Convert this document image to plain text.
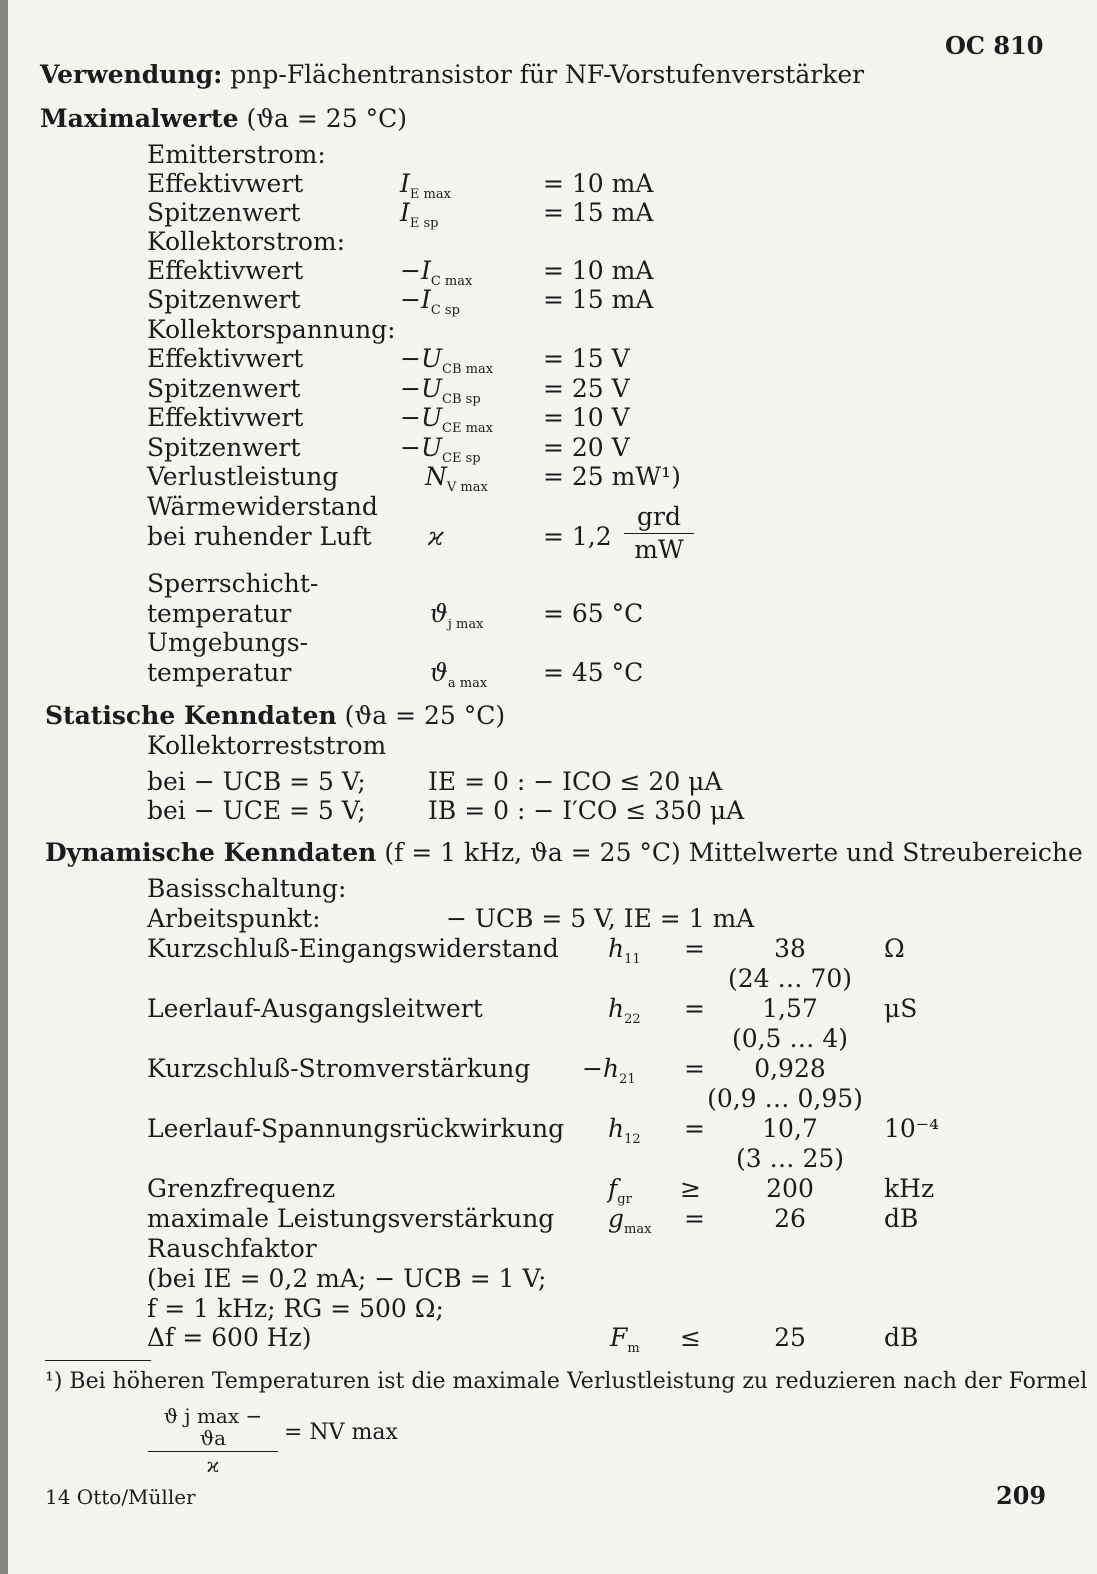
OC 810
Verwendung: pnp-Flächentransistor für NF-Vorstufenverstärker
Maximalwerte (ϑa = 25 °C)
Emitterstrom:
Kollektorstrom:
Kollektorspannung:
Effektivwert	$I_{E max}$	= 10 mA
Spitzenwert	$I_{E sp}$	= 15 mA
Effektivwert	$-I_{C max}$	= 10 mA
Spitzenwert	$-I_{C sp}$	= 15 mA
Effektivwert	$-U_{CB max} = 15$ V
Spitzenwert	$-U_{CB sp} = 25$ V
Effektivwert	$-U_{CE max} = 10$ V
Spitzenwert	$-U_{CE sp} = 20$ V
Verlustleistung	$N_{V max} = 25$ mW¹)
Wärmewiderstand
bei ruhender Luft ϰ	= 1,2
grd
mW
Sperrschicht-
temperatur	$ϑ_{j max} = 65$ °C
Umgebungs-
temperatur	$ϑ_{a max} = 45$ °C
Statische Kenndaten (ϑa = 25 °C)
Kollektorreststrom
bei − UCB = 5 V; IE = 0 : − ICO ≤ 20 μA
bei − UCE = 5 V; IB = 0 : − I′CO ≤ 350 μA
Dynamische Kenndaten (f = 1 kHz, ϑa = 25 °C) Mittelwerte und Streubereiche
Basisschaltung:
Arbeitspunkt:	− UCB = 5 V, IE = 1 mA
Kurzschluß-Eingangswiderstand $h_{11}$ =	38	Ω
(24 … 70)
Leerlauf-Ausgangsleitwert	$h_{22}$ =	1,57	μS
(0,5 … 4)
Kurzschluß-Stromverstärkung $-h_{21}$ =	0,928
(0,9 … 0,95)
Leerlauf-Spannungsrückwirkung $h_{12}$ =	10,7	10⁻⁴
(3 … 25)
Grenzfrequenz	$f_{gr}$ ≥	200	kHz
maximale Leistungsverstärkung $g_{max}$ =	26	dB
Rauschfaktor
(bei IE = 0,2 mA; − UCB = 1 V;
f = 1 kHz; RG = 500 Ω;
Δf = 600 Hz)	$F_m$ ≤	25	dB
¹) Bei höheren Temperaturen ist die maximale Verlustleistung zu reduzieren nach der Formel
ϑ j max − ϑa
ϰ
= NV max
14 Otto/Müller	209
